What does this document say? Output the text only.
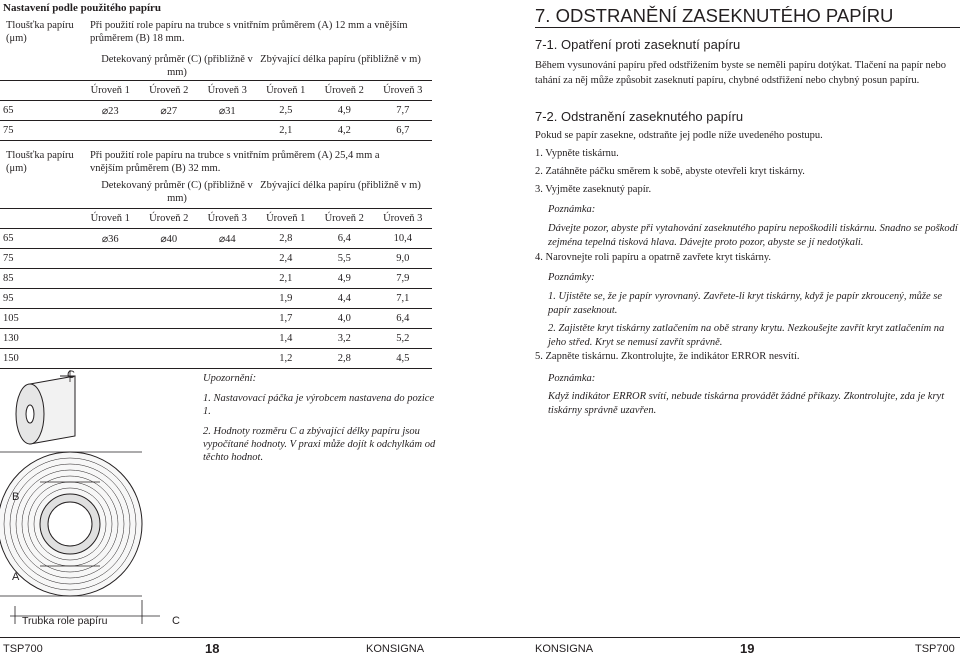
Nastavení podle použitého papíru
Tloušťka papíru (μm)
Při použití role papíru na trubce s vnitřním průměrem (A) 12 mm a vnějším průměrem (B) 18 mm.
Detekovaný průměr (C) (přibližně v mm)
Zbývající délka papíru (přibližně v m)
	Úroveň 1	Úroveň 2	Úroveň 3	Úroveň 1	Úroveň 2	Úroveň 3
65	⌀23	⌀27	⌀31	2,5	4,9	7,7
75				2,1	4,2	6,7
Tloušťka papíru (μm)
Při použití role papíru na trubce s vnitřním průměrem (A) 25,4 mm a vnějším průměrem (B) 32 mm.
Detekovaný průměr (C) (přibližně v mm)
Zbývající délka papíru (přibližně v m)
	Úroveň 1	Úroveň 2	Úroveň 3	Úroveň 1	Úroveň 2	Úroveň 3
65	⌀36	⌀40	⌀44	2,8	6,4	10,4
75				2,4	5,5	9,0
85				2,1	4,9	7,9
95				1,9	4,4	7,1
105				1,7	4,0	6,4
130				1,4	3,2	5,2
150				1,2	2,8	4,5
C
B
A
C
Trubka role papíru
Upozornění:
1. Nastavovací páčka je výrobcem nastavena do pozice 1.
2. Hodnoty rozměru C a zbývající délky papíru jsou vypočítané hodnoty. V praxi může dojít k odchylkám od těchto hodnot.
TSP700	18	KONSIGNA
7. ODSTRANĚNÍ ZASEKNUTÉHO PAPÍRU
7-1. Opatření proti zaseknutí papíru
Během vysunování papíru před odstřižením byste se neměli papíru dotýkat. Tlačení na papír nebo tahání za něj může způsobit zaseknutí papíru, chybné odstřižení nebo chybný posun papíru.
7-2. Odstranění zaseknutého papíru
Pokud se papír zasekne, odstraňte jej podle níže uvedeného postupu.
1. Vypněte tiskárnu.
2. Zatáhněte páčku směrem k sobě, abyste otevřeli kryt tiskárny.
3. Vyjměte zaseknutý papír.
Poznámka:
Dávejte pozor, abyste při vytahování zaseknutého papíru nepoškodili tiskárnu. Snadno se poškodí zejména tepelná tisková hlava. Dávejte proto pozor, abyste se jí nedotýkali.
4. Narovnejte roli papíru a opatrně zavřete kryt tiskárny.
Poznámky:
1. Ujistěte se, že je papír vyrovnaný. Zavřete-li kryt tiskárny, když je papír zkroucený, může se papír zaseknout.
2. Zajistěte kryt tiskárny zatlačením na obě strany krytu. Nezkoušejte zavřít kryt zatlačením na jeho střed. Kryt se nemusí zavřít správně.
5. Zapněte tiskárnu. Zkontrolujte, že indikátor ERROR nesvítí.
Poznámka:
Když indikátor ERROR svítí, nebude tiskárna provádět žádné příkazy. Zkontrolujte, zda je kryt tiskárny správně uzavřen.
KONSIGNA	19	TSP700
